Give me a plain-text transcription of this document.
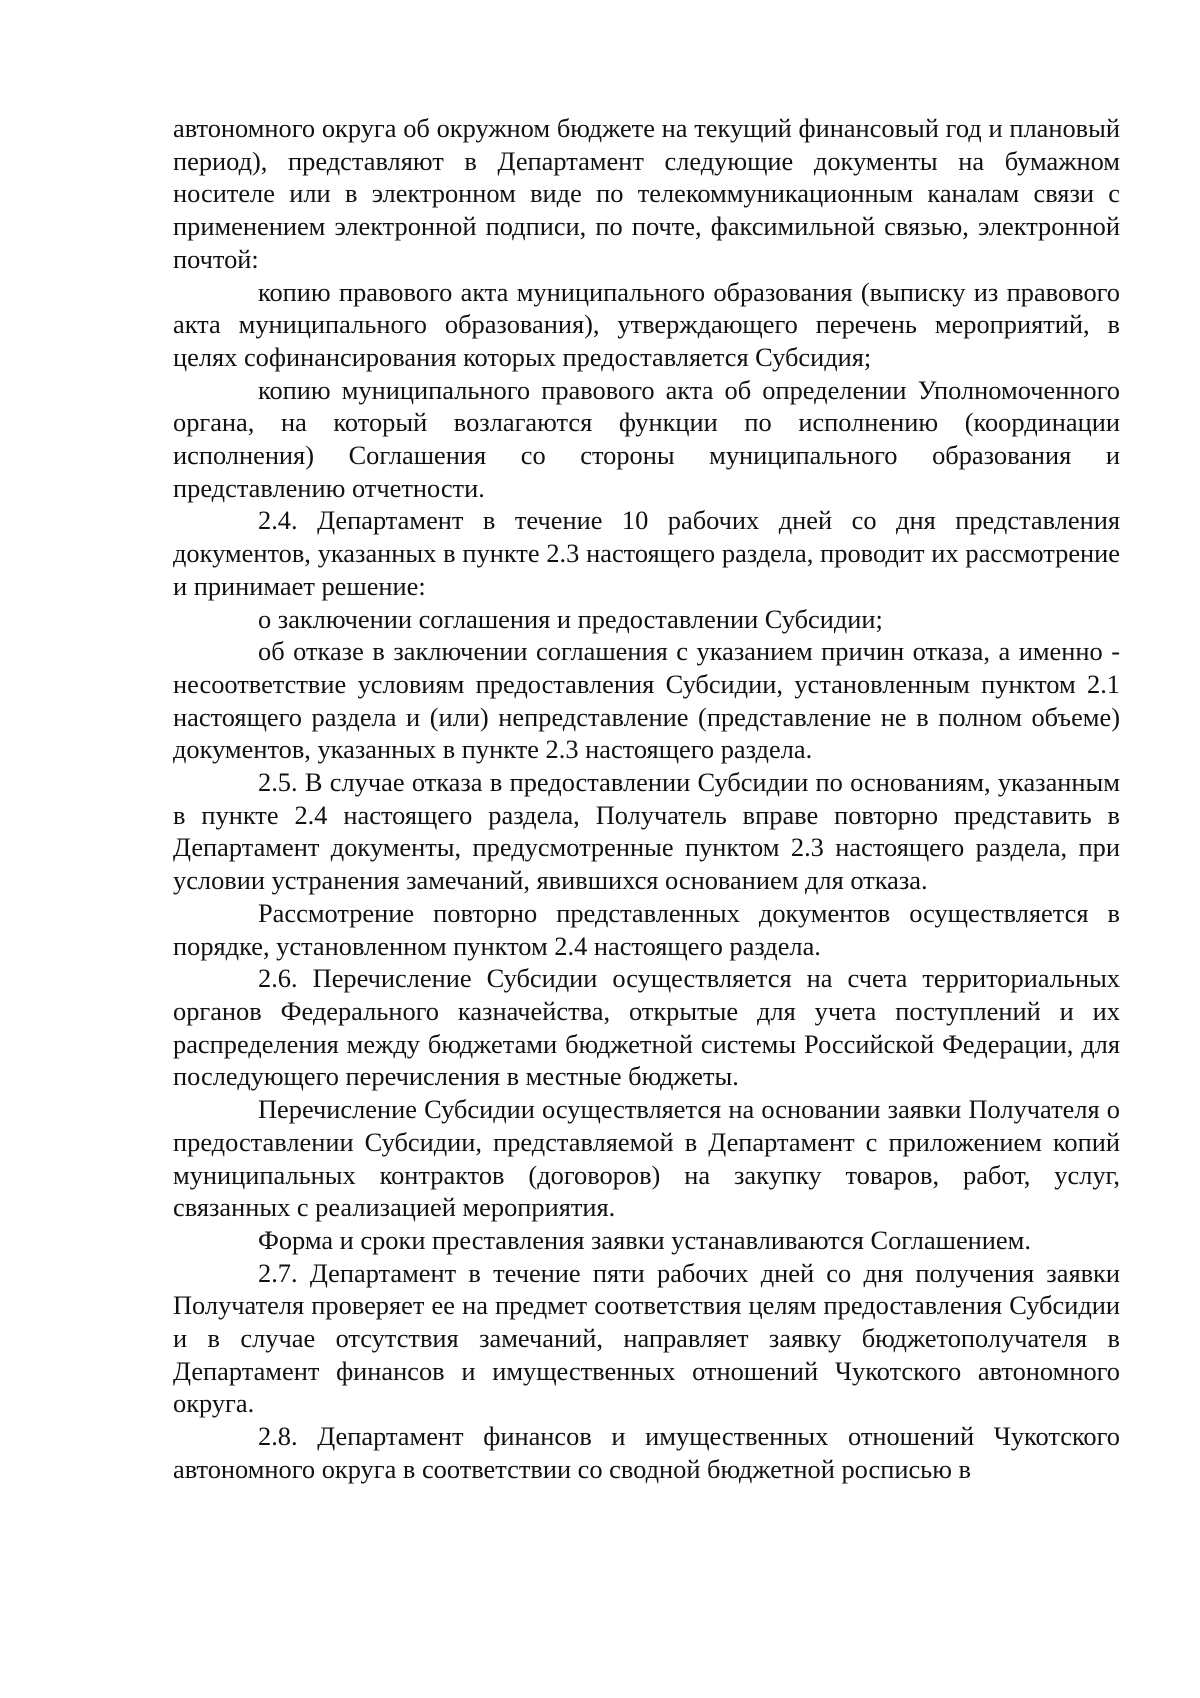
автономного округа об окружном бюджете на текущий финансовый год и плановый период), представляют в Департамент следующие документы на бумажном носителе или в электронном виде по телекоммуникационным каналам связи с применением электронной подписи, по почте, факсимильной связью, электронной почтой:

копию правового акта муниципального образования (выписку из правового акта муниципального образования), утверждающего перечень мероприятий, в целях софинансирования которых предоставляется Субсидия;

копию муниципального правового акта об определении Уполномоченного органа, на который возлагаются функции по исполнению (координации исполнения) Соглашения со стороны муниципального образования и представлению отчетности.

2.4. Департамент в течение 10 рабочих дней со дня представления документов, указанных в пункте 2.3 настоящего раздела, проводит их рассмотрение и принимает решение:

о заключении соглашения и предоставлении Субсидии;

об отказе в заключении соглашения с указанием причин отказа, а именно - несоответствие условиям предоставления Субсидии, установленным пунктом 2.1 настоящего раздела и (или) непредставление (представление не в полном объеме) документов, указанных в пункте 2.3 настоящего раздела.

2.5. В случае отказа в предоставлении Субсидии по основаниям, указанным в пункте 2.4 настоящего раздела, Получатель вправе повторно представить в Департамент документы, предусмотренные пунктом 2.3 настоящего раздела, при условии устранения замечаний, явившихся основанием для отказа.

Рассмотрение повторно представленных документов осуществляется в порядке, установленном пунктом 2.4 настоящего раздела.

2.6. Перечисление Субсидии осуществляется на счета территориальных органов Федерального казначейства, открытые для учета поступлений и их распределения между бюджетами бюджетной системы Российской Федерации, для последующего перечисления в местные бюджеты.

Перечисление Субсидии осуществляется на основании заявки Получателя о предоставлении Субсидии, представляемой в Департамент с приложением копий муниципальных контрактов (договоров) на закупку товаров, работ, услуг, связанных с реализацией мероприятия.

Форма и сроки преставления заявки устанавливаются Соглашением.

2.7. Департамент в течение пяти рабочих дней со дня получения заявки Получателя проверяет ее на предмет соответствия целям предоставления Субсидии и в случае отсутствия замечаний, направляет заявку бюджетополучателя в Департамент финансов и имущественных отношений Чукотского автономного округа.

2.8. Департамент финансов и имущественных отношений Чукотского автономного округа в соответствии со сводной бюджетной росписью в
